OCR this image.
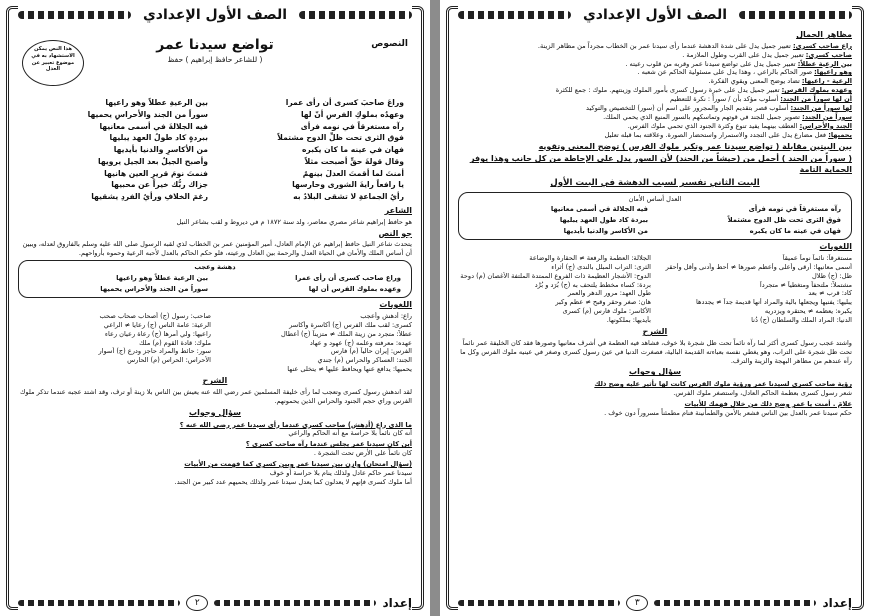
الصف الأول الإعدادي
النصوص
هذا النص يمكن الاستشهاد به في موضوع تعبير عن العدل
تواضع سيدنا عمر
( للشاعر حافظ إبراهيم ) حفظ
وراعَ صاحبَ كسرى أن رأى عمرا
بين الرعيةِ عطلاً وهو راعيها
وعهدُه بملوكِ الفرسِ أنّ لها
سوراً من الجند والأحراسِ يحميها
رآه مستغرقاً في نومه فرأى
فيه الجلالةَ في أسمى معانيها
فوق الثرى تحت ظلِّ الدوح مشتملاً
ببردةٍ كاد طولُ العهد يبليها
فهان في عينه ما كان يكبره
من الأكاسرِ والدنيا بأيديها
وقال قولةَ حقٍّ أصبحت مثلاً
وأصبح الجيلُ بعد الجيل يرويها
أمنتَ لما أقمتَ العدلَ بينهمُ
فنمتَ نومَ قريرِ العين هانيها
يا رافعاً رايةَ الشورى وحارسها
جزاك ربُّك خيراً عن محبيها
رأيُ الجماعةِ لا تشقى البلادُ به
رغمَ الخلافِ ورأيُ الفردِ يشقيها
الشاعر

هو حافظ إبراهيم شاعر مصري معاصر، ولد سنة ١٨٧٢ م في ديروط و لقب بشاعر النيل

جو النص

يتحدث شاعر النيل حافظ إبراهيم عن الإمام العادل، أمير المؤمنين عمر بن الخطاب لذي لقبه الرسول صلى الله عليه وسلم بالفاروق لعدله، ويبين أن أساس الملك والأمان في الحياة العدل والرحمة بين العادل ورعيته، فلو حكم الحاكم بالعدل لأحبه الرعية وحموه بأرواحهم.

دهشة وعجب
وراع صاحب كسرى أن رأى عمرا
بين الرعية عطلاً وهو راعيها
وعهده بملوك الفرس أن لها
سوراً من الجند والأحراس يحميها
اللغويات
راع: أدهش وأعجب
صاحب: رسول (ج) أصحاب صحاب صحب
كسرى: لقب ملك الفرس (ج) أكاسرة وأكاسر
الرعية: عامة الناس (ج) رعايا ≠ الراعي
عطلاً: متجرد من زينة الملك ≠ متزيناً (ج) أعطال
راعيها: ولي أمرها (ج) رعاة رعيان رعاء
عهده: معرفته وعلمه (ج) عهود و عهاد
ملوك: قادة القوم (م) ملك
الفرس: إيران حالياً (م) فارس
سور: حائط والمراد حاجز ودرع (ج) أسوار
الجند: العساكر والحراس (م) جندي
الأحراس: الحراس (م) الحارس
يحميها: يدافع عنها ويحافظ عليها ≠ يتخلى عنها
الشرح

لقد اندهش رسول كسرى وتعجب لما رأى خليفة المسلمين عمر رضي الله عنه يعيش بين الناس بلا زينة أو ترف، وقد اشتد عجبه عندما تذكر ملوك الفرس وراي حجم الجنود والحراس الذين يحمونهم.

سؤال وجواب
ما الذي راع (أدهش) صاحب كسرى عندما رأى سيدنا عمر رضي الله عنه ؟
أنه كان نائماً بلا حراسة مع أنه الحاكم والراعي
أين كان سيدنا عمر يجلس عندما رآه صاحب كسرى ؟
كان نائماً على الأرض تحت الشجرة .
(سؤال امتحان) وازن بين سيدنا عمر وبين كسرى كما فهمت من الأبيات
سيدنا عمر حاكم عادل ولذلك ينام بلا حراسة أو خوف
أما ملوك كسرى فإنهم لا يعدلون كما يعدل سيدنا عمر ولذلك يحميهم عدد كبير من الجند.
إعداد
٢
الصف الأول الإعدادي
مظاهر الجمال
راع صاحب كسرى: تعبير جميل يدل على شدة الدهشة عندما رأى سيدنا عمر بن الخطاب مجرداً من مظاهر الزينة.
صاحب كسرى: تعبير جميل يدل على القرب وطول الملازمة .
بين الرعية عطلاً: تعبير جميل يدل على تواضع سيدنا عمر وقربه من قلوب رعيته .
وهو راعيها: صور الحاكم بالراعي ، وهذا يدل على مسئولية الحاكم عن شعبه .
الرعية - راعيها: تضاد يوضح المعنى ويقوي الفكرة.
وعهده بملوك الفرس: تعبير جميل يدل على خبرة رسول كسرى بأمور الملوك وزينتهم. ملوك : جمع للكثرة
أن لها سوراً من الجند: أسلوب مؤكد بأن / سوراً : نكرة للتعظيم
لها سوراً من الجند: أسلوب قصر بتقديم الجار والمجرور على اسم أن (سور) للتخصيص والتوكيد
سوراً من الجند: تصوير جميل للجند في قوتهم وتماسكهم بالسور المنيع الذي يحمي الملك.
الجند والأحراس: العطف بينهما يفيد تنوع وكثرة الجنود الذي تحمي ملوك الفرس.
يحميها: فعل مضارع يدل على التجدد والاستمرار واستحضار الصورة. وعلاقته بما قبله تعليل
بين البيتين مقابلة ( تواضع سيدنا عمر وتكبر ملوك الفرس ) توضح المعنى وتقويه
( سوراً من الجند ) أجمل من (جيشاً من الجند) لأن السور يدل على الإحاطة من كل جانب وهذا يوفر الحماية التامة
البيت الثاني تفسير لسبب الدهشة في البيت الأول
العدل أساس الأمان
رآه مستغرقاً في نومه فرأى
فيه الجلالة في أسمى معانيها
فوق الثرى تحت ظل الدوح مشتملاً
ببردة كاد طول العهد يبليها
فهان في عينه ما كان يكبره
من الأكاسر والدنيا بأيديها
اللغويات
مستغرقاً: نائماً نوماً عميقاً
الجلالة: العظمة والرفعة ≠ الحقارة والوضاعة
أسمى معانيها: أرقى وأعلى وأعظم صورها ≠ أحط وأدنى وأقل وأحقر
الثرى: التراب المبلل بالندى (ج) أثراء
ظل: (ج) ظلال
الدوح: الأشجار العظيمة ذات الفروع الممتدة الملتفة الأغصان (م) دوحة
مشتملاً: ملتحفاً ومتغطياً ≠ متجرداً
بردة: كساء مخطط يلتحف به (ج) بُرَد و بُرْد
كاد: قرب ≠ بعد
طول العهد: مرور الدهر والعمر
يبليها: يفنيها ويجعلها بالية والمراد أنها قديمة جداً ≠ يجددها
هان: صغر وحقر وقبح ≠ عظم وكبر
يكبره: يعظمه ≠ يحتقره ويزدريه
الأكاسر: ملوك فارس (م) كسرى
الدنيا: المراد الملك والسلطان (ج) دُنا
بأيديها: بملكونها.
الشرح

واشتد عجب رسول كسرى أكثر لما رآه نائماً تحت ظل شجرة بلا خوف، فشاهد فيه العظمة في أشرف معانيها وصورها فقد كان الخليفة عمر نائماً تحت ظل شجرة على التراب، وهو يغطي نفسه بعباءته القديمة البالية، فصغرت الدنيا في عين رسول كسرى وصغر في عينيه ملوك الفرس وكل ما رآه عندهم من مظاهر البهجة والزينة والترف.

سؤال وجواب
رؤية صاحب كسرى لسيدنا عمر ورؤية ملوك الفرس كانت لها تأثير عليه وضح ذلك
شعر رسول كسرى بعظمة الحاكم العادل، واستصغر ملوك الفرس.
علامَ . أمنت يا عمر وضح ذلك من خلال فهمك للأبيات
حكم سيدنا عمر بالعدل بين الناس فشعر بالأمن والطمأنينة فنام مطمئناً مسروراً دون خوف .
إعداد
٣
